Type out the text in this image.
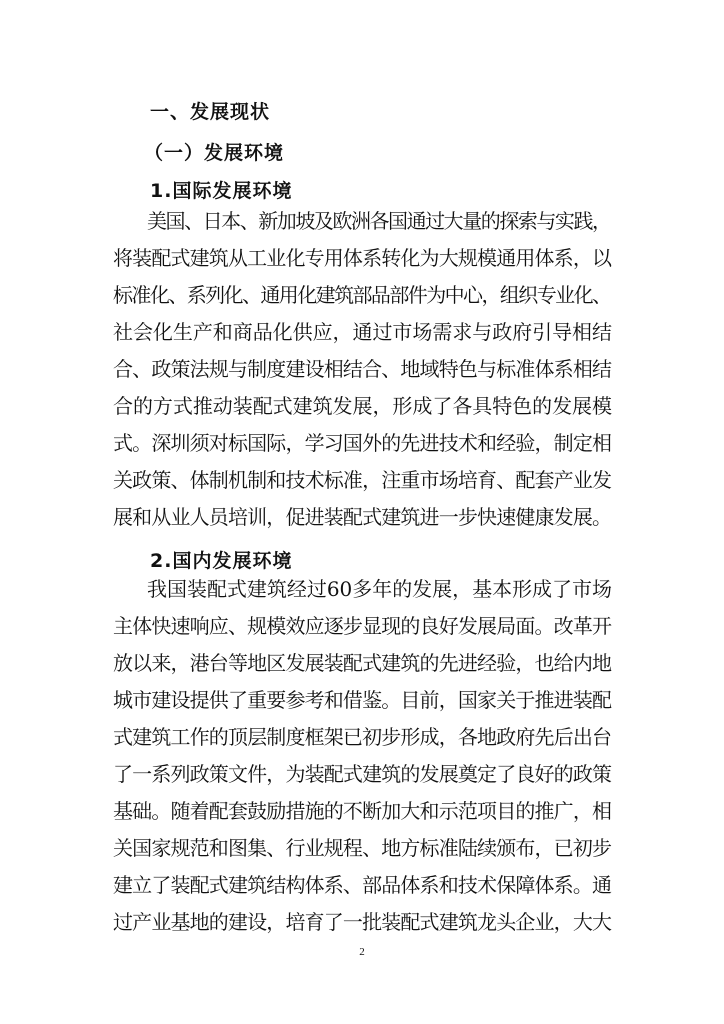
一、发展现状
（一）发展环境
1.国际发展环境
美国、日本、新加坡及欧洲各国通过大量的探索与实践，
将装配式建筑从工业化专用体系转化为大规模通用体系，以
标准化、系列化、通用化建筑部品部件为中心，组织专业化、
社会化生产和商品化供应，通过市场需求与政府引导相结
合、政策法规与制度建设相结合、地域特色与标准体系相结
合的方式推动装配式建筑发展，形成了各具特色的发展模
式。深圳须对标国际，学习国外的先进技术和经验，制定相
关政策、体制机制和技术标准，注重市场培育、配套产业发
展和从业人员培训，促进装配式建筑进一步快速健康发展。
2.国内发展环境
我国装配式建筑经过60多年的发展，基本形成了市场
主体快速响应、规模效应逐步显现的良好发展局面。改革开
放以来，港台等地区发展装配式建筑的先进经验，也给内地
城市建设提供了重要参考和借鉴。目前，国家关于推进装配
式建筑工作的顶层制度框架已初步形成，各地政府先后出台
了一系列政策文件，为装配式建筑的发展奠定了良好的政策
基础。随着配套鼓励措施的不断加大和示范项目的推广，相
关国家规范和图集、行业规程、地方标准陆续颁布，已初步
建立了装配式建筑结构体系、部品体系和技术保障体系。通
过产业基地的建设，培育了一批装配式建筑龙头企业，大大
2
